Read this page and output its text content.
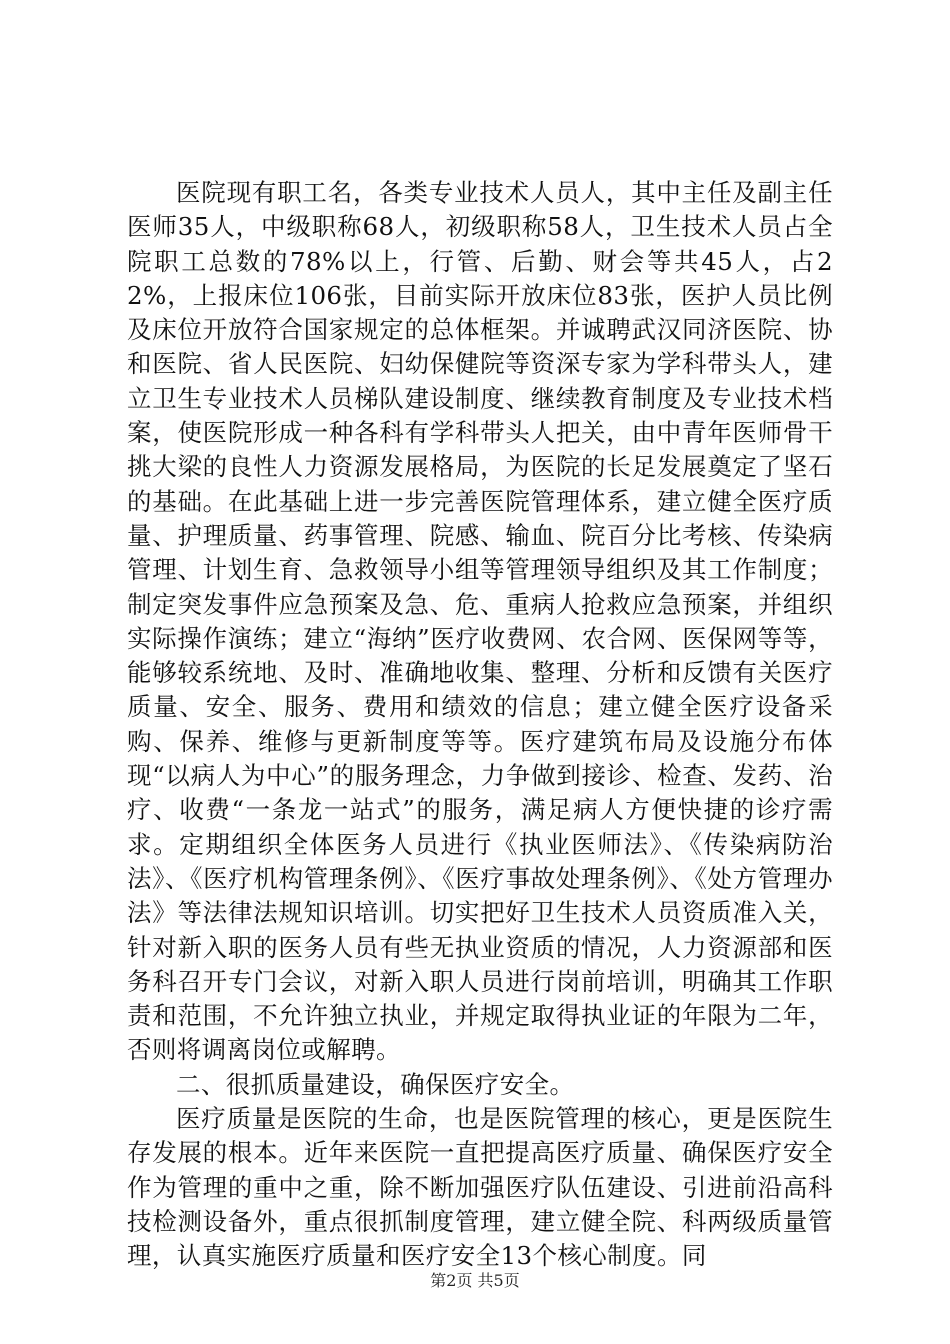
医院现有职工名，各类专业技术人员人，其中主任及副主任医师35人，中级职称68人，初级职称58人，卫生技术人员占全院职工总数的78%以上，行管、后勤、财会等共45人，占22%，上报床位106张，目前实际开放床位83张，医护人员比例及床位开放符合国家规定的总体框架。并诚聘武汉同济医院、协和医院、省人民医院、妇幼保健院等资深专家为学科带头人，建立卫生专业技术人员梯队建设制度、继续教育制度及专业技术档案，使医院形成一种各科有学科带头人把关，由中青年医师骨干挑大梁的良性人力资源发展格局，为医院的长足发展奠定了坚石的基础。在此基础上进一步完善医院管理体系，建立健全医疗质量、护理质量、药事管理、院感、输血、院百分比考核、传染病管理、计划生育、急救领导小组等管理领导组织及其工作制度；制定突发事件应急预案及急、危、重病人抢救应急预案，并组织实际操作演练；建立“海纳”医疗收费网、农合网、医保网等等，能够较系统地、及时、准确地收集、整理、分析和反馈有关医疗质量、安全、服务、费用和绩效的信息；建立健全医疗设备采购、保养、维修与更新制度等等。医疗建筑布局及设施分布体现“以病人为中心”的服务理念，力争做到接诊、检查、发药、治疗、收费“一条龙一站式”的服务，满足病人方便快捷的诊疗需求。定期组织全体医务人员进行《执业医师法》、《传染病防治法》、《医疗机构管理条例》、《医疗事故处理条例》、《处方管理办法》等法律法规知识培训。切实把好卫生技术人员资质准入关，针对新入职的医务人员有些无执业资质的情况，人力资源部和医务科召开专门会议，对新入职人员进行岗前培训，明确其工作职责和范围，不允许独立执业，并规定取得执业证的年限为二年，否则将调离岗位或解聘。

二、很抓质量建设，确保医疗安全。

医疗质量是医院的生命，也是医院管理的核心，更是医院生存发展的根本。近年来医院一直把提高医疗质量、确保医疗安全作为管理的重中之重，除不断加强医疗队伍建设、引进前沿高科技检测设备外，重点很抓制度管理，建立健全院、科两级质量管理，认真实施医疗质量和医疗安全13个核心制度。同

第2页 共5页
